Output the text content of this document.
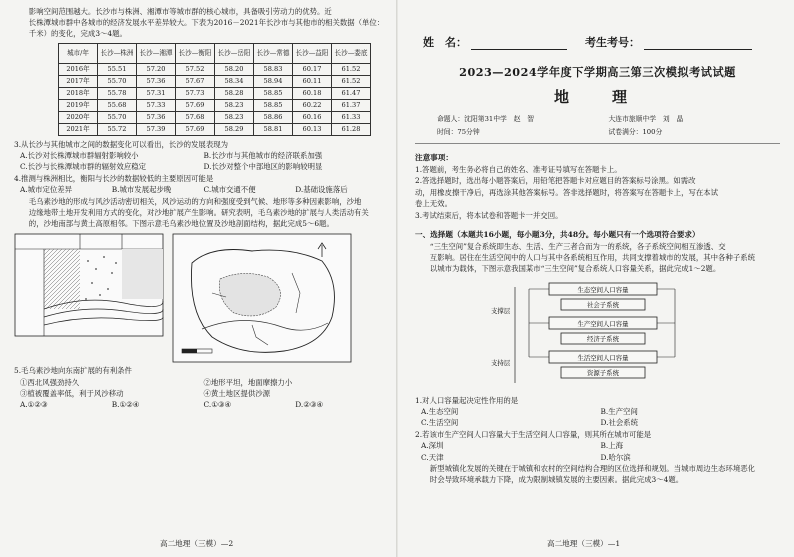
影响空间范围越大。长沙市与株洲、湘潭市等城市群的核心城市，具备吸引劳动力的优势。近
长株潭城市群中各城市的经济发展水平差异较大。下表为2016－2021年长沙市与其他市的相关数据（单位：
千米）的变化，完成3～4题。
城市/年	长沙—株洲	长沙—湘潭	长沙—衡阳	长沙—岳阳	长沙—常德	长沙—益阳	长沙—娄底
2016年	55.51	57.20	57.52	58.20	58.83	60.17	61.52
2017年	55.70	57.36	57.67	58.34	58.94	60.11	61.52
2018年	55.78	57.31	57.73	58.28	58.85	60.18	61.47
2019年	55.68	57.33	57.69	58.23	58.85	60.22	61.37
2020年	55.70	57.36	57.68	58.23	58.86	60.16	61.33
2021年	55.72	57.39	57.69	58.29	58.81	60.13	61.28
3.从长沙与其他城市之间的数据变化可以看出，长沙的发展表现为
A.长沙对长株潭城市群辐射影响较小	B.长沙市与其他城市的经济联系加强
C.长沙与长株潭城市群的辐射效应稳定	D.长沙对整个中部地区的影响较明显
4.推测与株洲相比，衡阳与长沙的数据较低的主要原因可能是
A.城市定位差异	B.城市发展起步晚	C.城市交通不便	D.基础设施落后
毛乌素沙地的形成与风沙活动密切相关，风沙运动的方向和强度受到气候、地形等多种因素影响，沙地
边缘地带土地开发利用方式的变化，对沙地扩展产生影响。研究表明，毛乌素沙地的扩展与人类活动有关
的，沙地南部与黄土高原相邻。下图示意毛乌素沙地位置及沙地剖面结构，据此完成5～6题。
5.毛乌素沙地向东南扩展的有利条件
①西北风强劲持久	②地形平坦，地面摩擦力小
③植被覆盖率低，利于风沙移动	④黄土地区提供沙源
A.①②③	B.①②④	C.①③④	D.②③④
高二地理（三模）—2
姓　名：	考生考号：
2023—2024学年度下学期高三第三次模拟考试试题
地　理
命题人：沈阳第31中学　赵　智	大连市旅顺中学　刘　晶
时间：75分钟	试卷满分：100分
注意事项：
1.答题前，考生务必将自己的姓名、准考证号填写在答题卡上。
2.答选择题时，选出每小题答案后，用铅笔把答题卡对应题目的答案标号涂黑。如需改
动，用橡皮擦干净后，再选涂其他答案标号。答非选择题时，将答案写在答题卡上，写在本试
卷上无效。
3.考试结束后，将本试卷和答题卡一并交回。
一、选择题（本题共16小题，每小题3分，共48分。每小题只有一个选项符合要求）
“三生空间”复合系统即生态、生活、生产三者合而为一的系统，各子系统空间相互渗透、交
互影响。居住在生活空间中的人口与其中各系统相互作用，共同支撑着城市的发展，其中各种子系统
以城市为载体，下图示意我国某市“三生空间”复合系统人口容量关系，据此完成1～2题。
支撑层
支持层
生态空间人口容量
社会子系统
生产空间人口容量
经济子系统
生活空间人口容量
资源子系统
1.对人口容量起决定性作用的是
A.生态空间	B.生产空间
C.生活空间	D.社会系统
2.若该市生产空间人口容量大于生活空间人口容量，则其所在城市可能是
A.深圳	B.上海
C.天津	D.哈尔滨
新型城镇化发展的关键在于城镇和农村的空间结构合理的区位选择和规划。当城市周边生态环境恶化
时会导致环境承载力下降，成为限制城镇发展的主要因素。据此完成3～4题。
高二地理（三模）—1
